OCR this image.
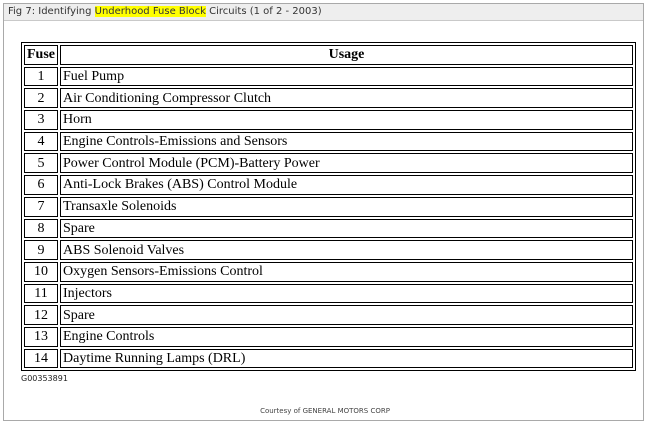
Fig 7: Identifying Underhood Fuse Block Circuits (1 of 2 - 2003)
Fuse	Usage
1	Fuel Pump
2	Air Conditioning Compressor Clutch
3	Horn
4	Engine Controls-Emissions and Sensors
5	Power Control Module (PCM)-Battery Power
6	Anti-Lock Brakes (ABS) Control Module
7	Transaxle Solenoids
8	Spare
9	ABS Solenoid Valves
10	Oxygen Sensors-Emissions Control
11	Injectors
12	Spare
13	Engine Controls
14	Daytime Running Lamps (DRL)
G00353891
Courtesy of GENERAL MOTORS CORP
